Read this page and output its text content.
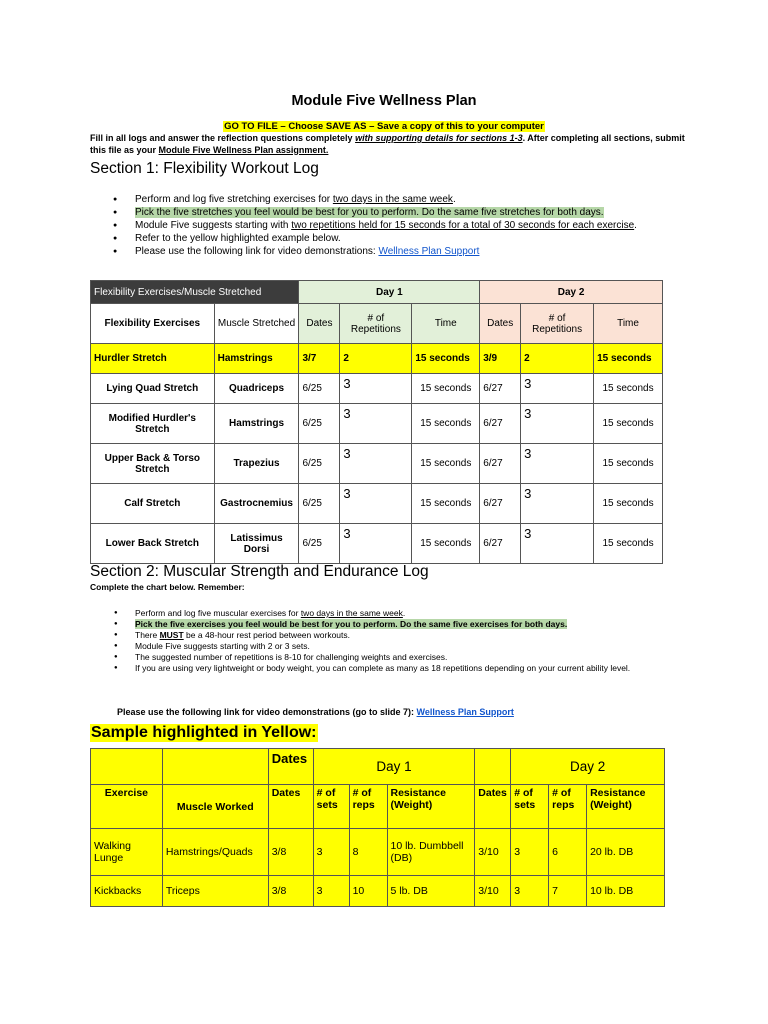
Module Five Wellness Plan
GO TO FILE – Choose SAVE AS – Save a copy of this to your computer
Fill in all logs and answer the reflection questions completely with supporting details for sections 1-3. After completing all sections, submit this file as your Module Five Wellness Plan assignment.
Section 1: Flexibility Workout Log
● Perform and log five stretching exercises for two days in the same week.
● Pick the five stretches you feel would be best for you to perform. Do the same five stretches for both days.
● Module Five suggests starting with two repetitions held for 15 seconds for a total of 30 seconds for each exercise.
● Refer to the yellow highlighted example below.
● Please use the following link for video demonstrations: Wellness Plan Support
Flexibility Exercises/Muscle Stretched		Day 1			Day 2		
Flexibility Exercises	Muscle Stretched	Dates	# of Repetitions	Time	Dates	# of Repetitions	Time
Hurdler Stretch	Hamstrings	3/7	2	15 seconds	3/9	2	15 seconds
Lying Quad Stretch	Quadriceps	6/25	3	15 seconds	6/27	3	15 seconds
Modified Hurdler's Stretch	Hamstrings	6/25	3	15 seconds	6/27	3	15 seconds
Upper Back & Torso Stretch	Trapezius	6/25	3	15 seconds	6/27	3	15 seconds
Calf Stretch	Gastrocnemius	6/25	3	15 seconds	6/27	3	15 seconds
Lower Back Stretch	Latissimus Dorsi	6/25	3	15 seconds	6/27	3	15 seconds
Section 2: Muscular Strength and Endurance Log
Complete the chart below. Remember:
● Perform and log five muscular exercises for two days in the same week.
● Pick the five exercises you feel would be best for you to perform. Do the same five exercises for both days.
● There MUST be a 48-hour rest period between workouts.
● Module Five suggests starting with 2 or 3 sets.
● The suggested number of repetitions is 8-10 for challenging weights and exercises.
● If you are using very lightweight or body weight, you can complete as many as 18 repetitions depending on your current ability level.
Please use the following link for video demonstrations (go to slide 7): Wellness Plan Support
Sample highlighted in Yellow:
		Dates	Day 1				Day 2		
Exercise	Muscle Worked	Dates	# of sets	# of reps	Resistance (Weight)	Dates	# of sets	# of reps	Resistance (Weight)
Walking Lunge	Hamstrings/Quads	3/8	3	8	10 lb. Dumbbell (DB)	3/10	3	6	20 lb. DB
Kickbacks	Triceps	3/8	3	10	5 lb. DB	3/10	3	7	10 lb. DB
